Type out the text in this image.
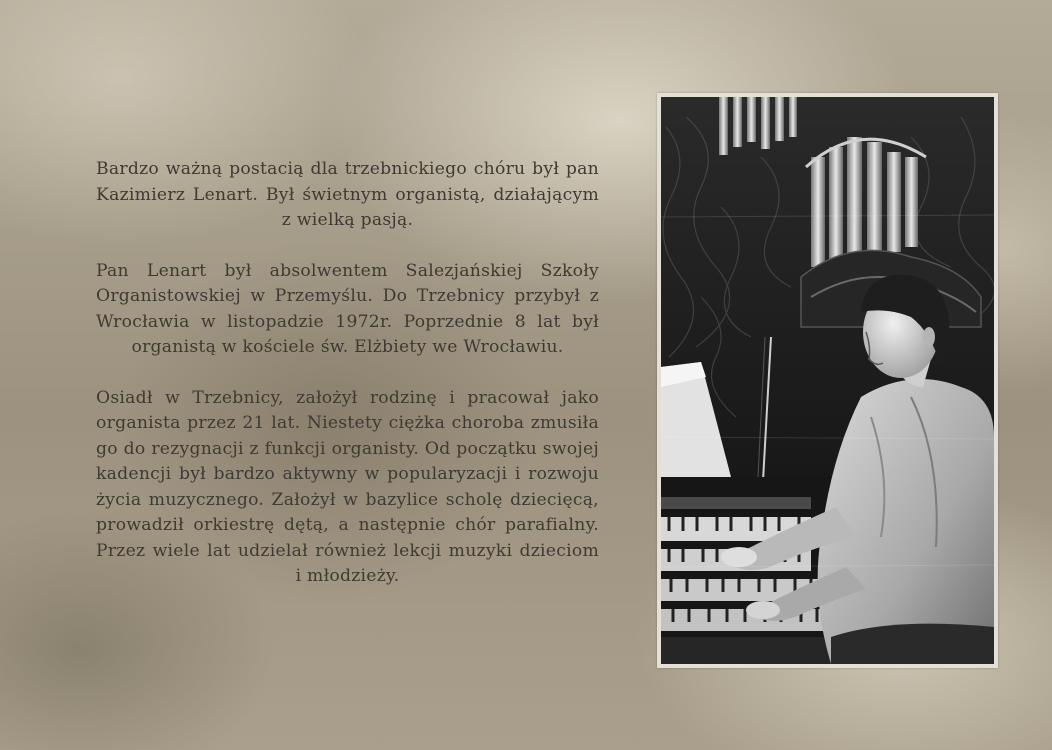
Bardzo ważną postacią dla trzebnickiego chóru był pan Kazimierz Lenart. Był świetnym organistą, działającym z wielką pasją.

Pan Lenart był absolwentem Salezjańskiej Szkoły Organistowskiej w Przemyślu. Do Trzebnicy przybył z Wrocławia w listopadzie 1972r. Poprzednie 8 lat był organistą w kościele św. Elżbiety we Wrocławiu.

Osiadł w Trzebnicy, założył rodzinę i pracował jako organista przez 21 lat. Niestety ciężka choroba zmusiła go do rezygnacji z funkcji organisty. Od początku swojej kadencji był bardzo aktywny w popularyzacji i rozwoju życia muzycznego. Założył w bazylice scholę dziecięcą, prowadził orkiestrę dętą, a następnie chór parafialny. Przez wiele lat udzielał również lekcji muzyki dzieciom i młodzieży.
